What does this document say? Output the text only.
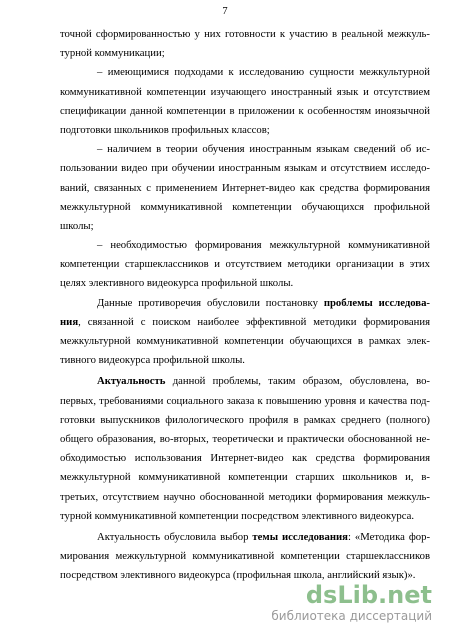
7
точной сформированностью у них готовности к участию в реальной межкуль-
турной коммуникации;
– имеющимися подходами к исследованию сущности межкультурной
коммуникативной компетенции изучающего иностранный язык и отсутствием
спецификации данной компетенции в приложении к особенностям иноязычной
подготовки школьников профильных классов;
– наличием в теории обучения иностранным языкам сведений об ис-
пользовании видео при обучении иностранным языкам и отсутствием исследо-
ваний, связанных с применением Интернет-видео как средства формирования
межкультурной коммуникативной компетенции обучающихся профильной
школы;
– необходимостью формирования межкультурной коммуникативной
компетенции старшеклассников и отсутствием методики организации в этих
целях элективного видеокурса профильной школы.
Данные противоречия обусловили постановку проблемы исследова-
ния, связанной с поиском наиболее эффективной методики формирования
межкультурной коммуникативной компетенции обучающихся в рамках элек-
тивного видеокурса профильной школы.
Актуальность данной проблемы, таким образом, обусловлена, во-
первых, требованиями социального заказа к повышению уровня и качества под-
готовки выпускников филологического профиля в рамках среднего (полного)
общего образования, во-вторых, теоретически и практически обоснованной не-
обходимостью использования Интернет-видео как средства формирования
межкультурной коммуникативной компетенции старших школьников и, в-
третьих, отсутствием научно обоснованной методики формирования межкуль-
турной коммуникативной компетенции посредством элективного видеокурса.
Актуальность обусловила выбор темы исследования: «Методика фор-
мирования межкультурной коммуникативной компетенции старшеклассников
посредством элективного видеокурса (профильная школа, английский язык)».
dsLib.net
библиотека диссертаций
